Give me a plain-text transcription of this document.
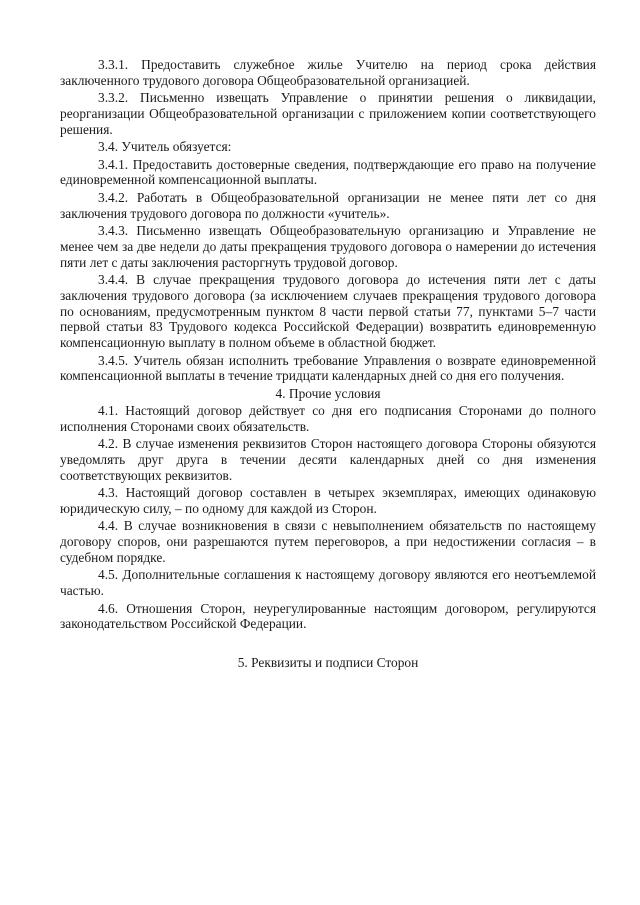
3.3.1. Предоставить служебное жилье Учителю на период срока действия заключенного трудового договора Общеобразовательной организацией.

3.3.2. Письменно извещать Управление о принятии решения о ликвидации, реорганизации Общеобразовательной организации с приложением копии соответствующего решения.

3.4. Учитель обязуется:

3.4.1. Предоставить достоверные сведения, подтверждающие его право на получение единовременной компенсационной выплаты.

3.4.2. Работать в Общеобразовательной организации не менее пяти лет со дня заключения трудового договора по должности «учитель».

3.4.3. Письменно извещать Общеобразовательную организацию и Управление не менее чем за две недели до даты прекращения трудового договора о намерении до истечения пяти лет с даты заключения расторгнуть трудовой договор.

3.4.4. В случае прекращения трудового договора до истечения пяти лет с даты заключения трудового договора (за исключением случаев прекращения трудового договора по основаниям, предусмотренным пунктом 8 части первой статьи 77, пунктами 5–7 части первой статьи 83 Трудового кодекса Российской Федерации) возвратить единовременную компенсационную выплату в полном объеме в областной бюджет.

3.4.5. Учитель обязан исполнить требование Управления о возврате единовременной компенсационной выплаты в течение тридцати календарных дней со дня его получения.

4. Прочие условия

4.1. Настоящий договор действует со дня его подписания Сторонами до полного исполнения Сторонами своих обязательств.

4.2. В случае изменения реквизитов Сторон настоящего договора Стороны обязуются уведомлять друг друга в течении десяти календарных дней со дня изменения соответствующих реквизитов.

4.3. Настоящий договор составлен в четырех экземплярах, имеющих одинаковую юридическую силу, – по одному для каждой из Сторон.

4.4. В случае возникновения в связи с невыполнением обязательств по настоящему договору споров, они разрешаются путем переговоров, а при недостижении согласия – в судебном порядке.

4.5. Дополнительные соглашения к настоящему договору являются его неотъемлемой частью.

4.6. Отношения Сторон, неурегулированные настоящим договором, регулируются законодательством Российской Федерации.

5. Реквизиты и подписи Сторон
